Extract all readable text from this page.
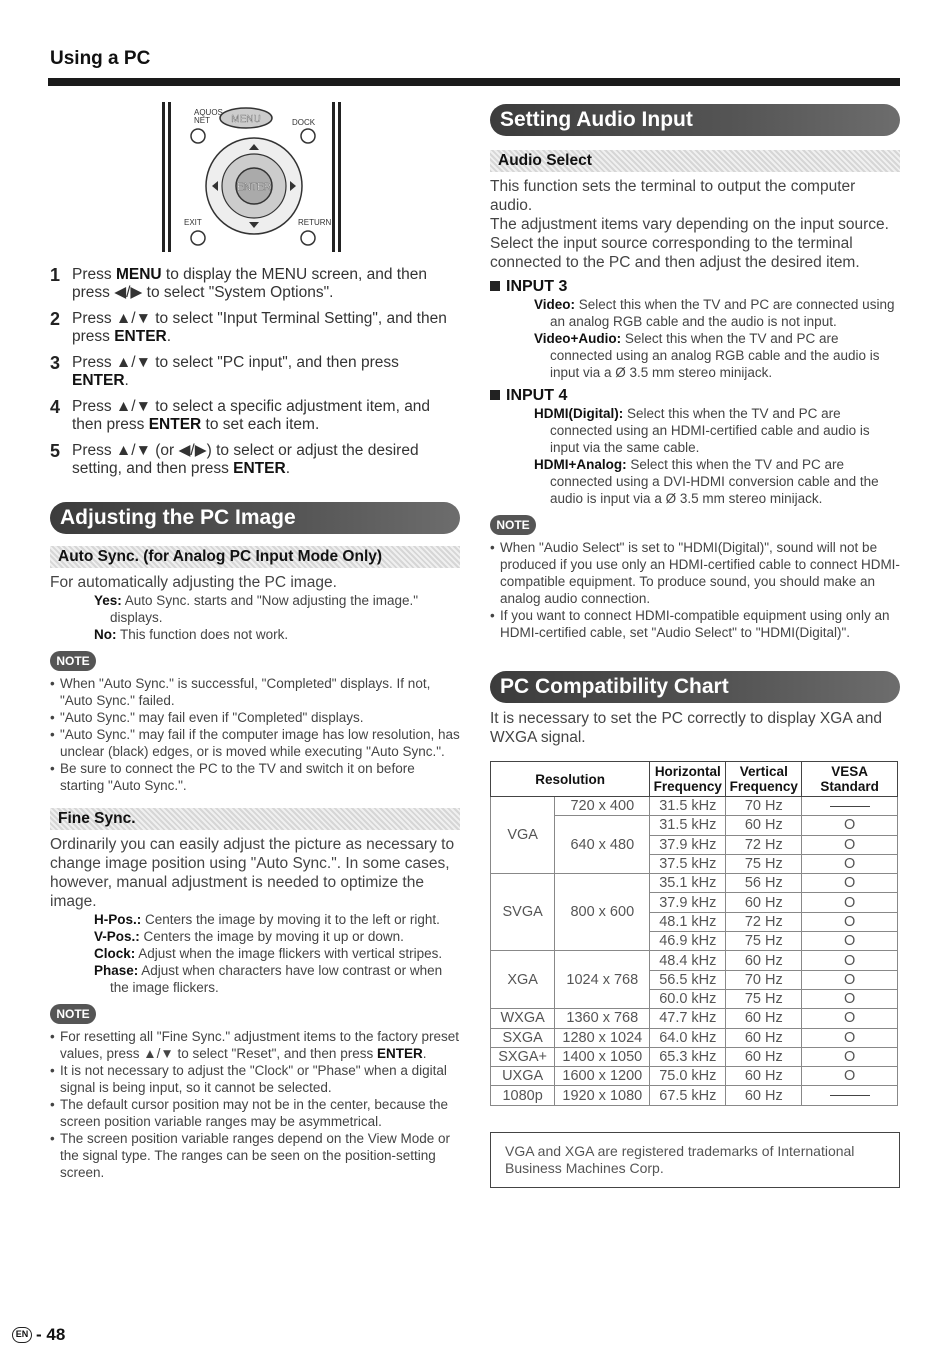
Using a PC
MENU
AQUOS
NET	DOCK
ENTER
EXIT	RETURN
1 Press MENU to display the MENU screen, and then press ◀/▶ to select "System Options".
2 Press ▲/▼ to select "Input Terminal Setting", and then press ENTER.
3 Press ▲/▼ to select "PC input", and then press ENTER.
4 Press ▲/▼ to select a specific adjustment item, and then press ENTER to set each item.
5 Press ▲/▼ (or ◀/▶) to select or adjust the desired setting, and then press ENTER.
Adjusting the PC Image
Auto Sync. (for Analog PC Input Mode Only)
For automatically adjusting the PC image.
Yes: Auto Sync. starts and "Now adjusting the image." displays.
No: This function does not work.
NOTE
• When "Auto Sync." is successful, "Completed" displays. If not, "Auto Sync." failed.
• "Auto Sync." may fail even if "Completed" displays.
• "Auto Sync." may fail if the computer image has low resolution, has unclear (black) edges, or is moved while executing "Auto Sync.".
• Be sure to connect the PC to the TV and switch it on before starting "Auto Sync.".
Fine Sync.
Ordinarily you can easily adjust the picture as necessary to change image position using "Auto Sync.". In some cases, however, manual adjustment is needed to optimize the image.
H-Pos.: Centers the image by moving it to the left or right.
V-Pos.: Centers the image by moving it up or down.
Clock: Adjust when the image flickers with vertical stripes.
Phase: Adjust when characters have low contrast or when the image flickers.
NOTE
• For resetting all "Fine Sync." adjustment items to the factory preset values, press ▲/▼ to select "Reset", and then press ENTER.
• It is not necessary to adjust the "Clock" or "Phase" when a digital signal is being input, so it cannot be selected.
• The default cursor position may not be in the center, because the screen position variable ranges may be asymmetrical.
• The screen position variable ranges depend on the View Mode or the signal type. The ranges can be seen on the position-setting screen.
Setting Audio Input
Audio Select
This function sets the terminal to output the computer audio.
The adjustment items vary depending on the input source. Select the input source corresponding to the terminal connected to the PC and then adjust the desired item.
INPUT 3
Video: Select this when the TV and PC are connected using an analog RGB cable and the audio is not input.
Video+Audio: Select this when the TV and PC are connected using an analog RGB cable and the audio is input via a Ø 3.5 mm stereo minijack.
INPUT 4
HDMI(Digital): Select this when the TV and PC are connected using an HDMI-certified cable and audio is input via the same cable.
HDMI+Analog: Select this when the TV and PC are connected using a DVI-HDMI conversion cable and the audio is input via a Ø 3.5 mm stereo minijack.
NOTE
• When "Audio Select" is set to "HDMI(Digital)", sound will not be produced if you use only an HDMI-certified cable to connect HDMI-compatible equipment. To produce sound, you should make an analog audio connection.
• If you want to connect HDMI-compatible equipment using only an HDMI-certified cable, set "Audio Select" to "HDMI(Digital)".
PC Compatibility Chart
It is necessary to set the PC correctly to display XGA and WXGA signal.
Resolution		Horizontal Frequency	Vertical Frequency	VESA Standard
VGA	720 x 400	31.5 kHz	70 Hz	
	640 x 480	31.5 kHz	60 Hz	O
		37.9 kHz	72 Hz	O
		37.5 kHz	75 Hz	O
SVGA	800 x 600	35.1 kHz	56 Hz	O
		37.9 kHz	60 Hz	O
		48.1 kHz	72 Hz	O
		46.9 kHz	75 Hz	O
XGA	1024 x 768	48.4 kHz	60 Hz	O
		56.5 kHz	70 Hz	O
		60.0 kHz	75 Hz	O
WXGA	1360 x 768	47.7 kHz	60 Hz	O
SXGA	1280 x 1024	64.0 kHz	60 Hz	O
SXGA+	1400 x 1050	65.3 kHz	60 Hz	O
UXGA	1600 x 1200	75.0 kHz	60 Hz	O
1080p	1920 x 1080	67.5 kHz	60 Hz	
VGA and XGA are registered trademarks of International Business Machines Corp.
EN - 48
